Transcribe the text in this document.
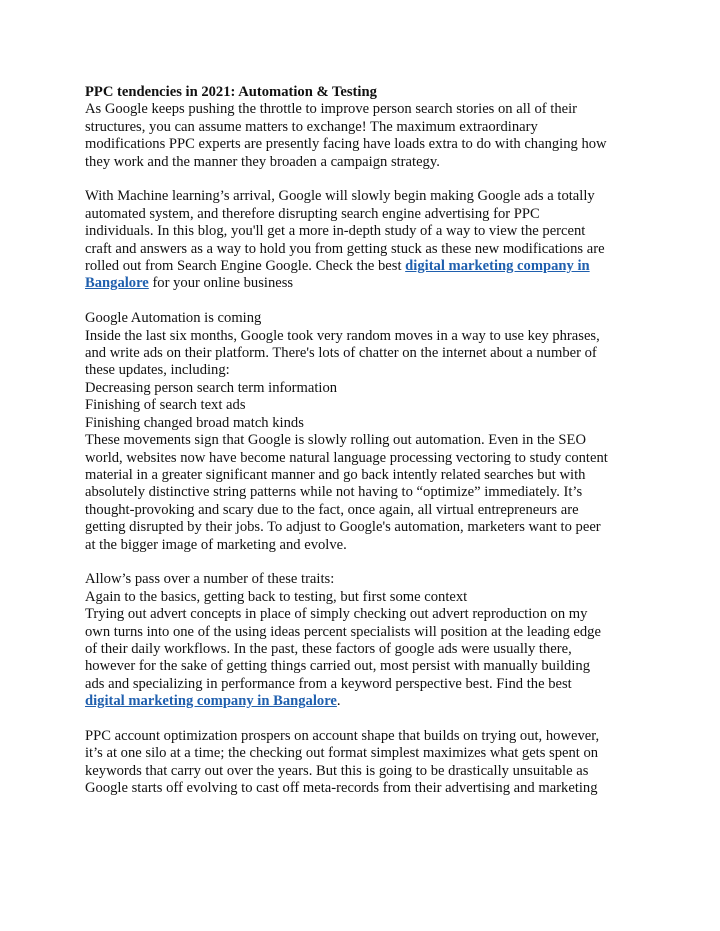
PPC tendencies in 2021: Automation & Testing
As Google keeps pushing the throttle to improve person search stories on all of their
structures, you can assume matters to exchange! The maximum extraordinary
modifications PPC experts are presently facing have loads extra to do with changing how
they work and the manner they broaden a campaign strategy.
With Machine learning’s arrival, Google will slowly begin making Google ads a totally
automated system, and therefore disrupting search engine advertising for PPC
individuals. In this blog, you'll get a more in-depth study of a way to view the percent
craft and answers as a way to hold you from getting stuck as these new modifications are
rolled out from Search Engine Google. Check the best digital marketing company in
Bangalore for your online business
Google Automation is coming
Inside the last six months, Google took very random moves in a way to use key phrases,
and write ads on their platform. There's lots of chatter on the internet about a number of
these updates, including:
Decreasing person search term information
Finishing of search text ads
Finishing changed broad match kinds
These movements sign that Google is slowly rolling out automation. Even in the SEO
world, websites now have become natural language processing vectoring to study content
material in a greater significant manner and go back intently related searches but with
absolutely distinctive string patterns while not having to “optimize” immediately. It’s
thought-provoking and scary due to the fact, once again, all virtual entrepreneurs are
getting disrupted by their jobs. To adjust to Google's automation, marketers want to peer
at the bigger image of marketing and evolve.
Allow’s pass over a number of these traits:
Again to the basics, getting back to testing, but first some context
Trying out advert concepts in place of simply checking out advert reproduction on my
own turns into one of the using ideas percent specialists will position at the leading edge
of their daily workflows. In the past, these factors of google ads were usually there,
however for the sake of getting things carried out, most persist with manually building
ads and specializing in performance from a keyword perspective best. Find the best
digital marketing company in Bangalore.
PPC account optimization prospers on account shape that builds on trying out, however,
it’s at one silo at a time; the checking out format simplest maximizes what gets spent on
keywords that carry out over the years. But this is going to be drastically unsuitable as
Google starts off evolving to cast off meta-records from their advertising and marketing
